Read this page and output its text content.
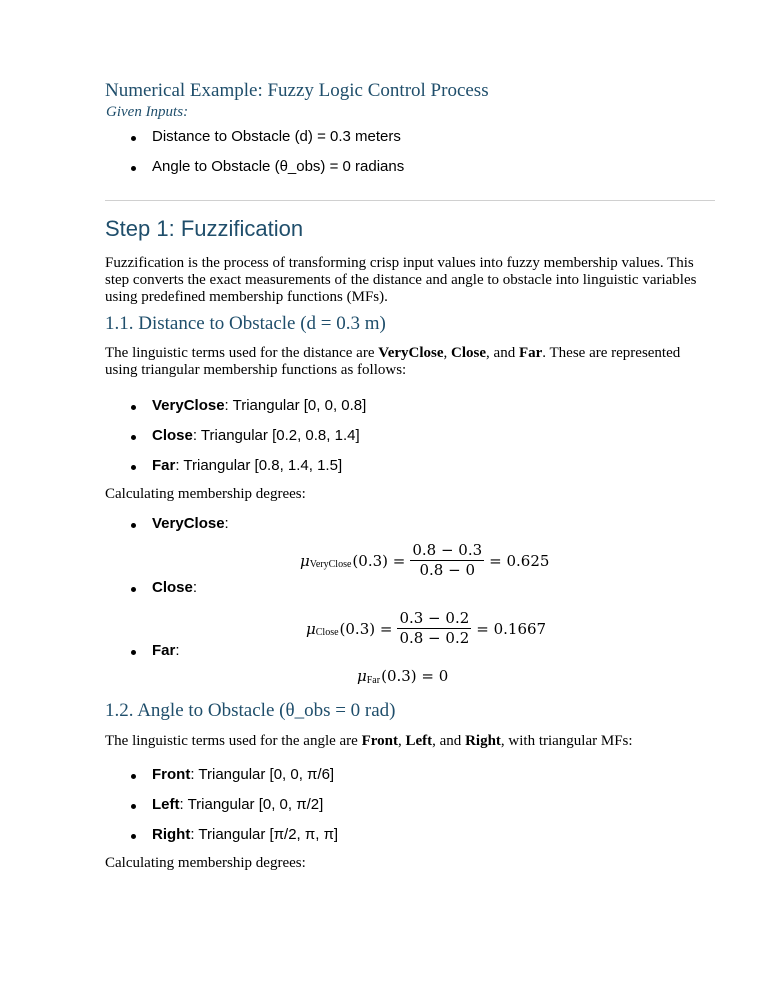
Numerical Example: Fuzzy Logic Control Process
Given Inputs:
Distance to Obstacle (d) = 0.3 meters
Angle to Obstacle (θ_obs) = 0 radians
Step 1: Fuzzification
Fuzzification is the process of transforming crisp input values into fuzzy membership values. This
step converts the exact measurements of the distance and angle to obstacle into linguistic variables
using predefined membership functions (MFs).
1.1. Distance to Obstacle (d = 0.3 m)
The linguistic terms used for the distance are VeryClose, Close, and Far. These are represented
using triangular membership functions as follows:
VeryClose: Triangular [0, 0, 0.8]
Close: Triangular [0.2, 0.8, 1.4]
Far: Triangular [0.8, 1.4, 1.5]
Calculating membership degrees:
VeryClose:
μ VeryClose $(0.3) = \frac{0.8 - 0.3}{0.8 - 0} = 0.625$
Close:
μ Close $(0.3) = \frac{0.3 - 0.2}{0.8 - 0.2} = 0.1667$
Far:
μ Far (0.3) = 0
1.2. Angle to Obstacle (θ_obs = 0 rad)
The linguistic terms used for the angle are Front, Left, and Right, with triangular MFs:
Front: Triangular [0, 0, π/6]
Left: Triangular [0, 0, π/2]
Right: Triangular [π/2, π, π]
Calculating membership degrees:
